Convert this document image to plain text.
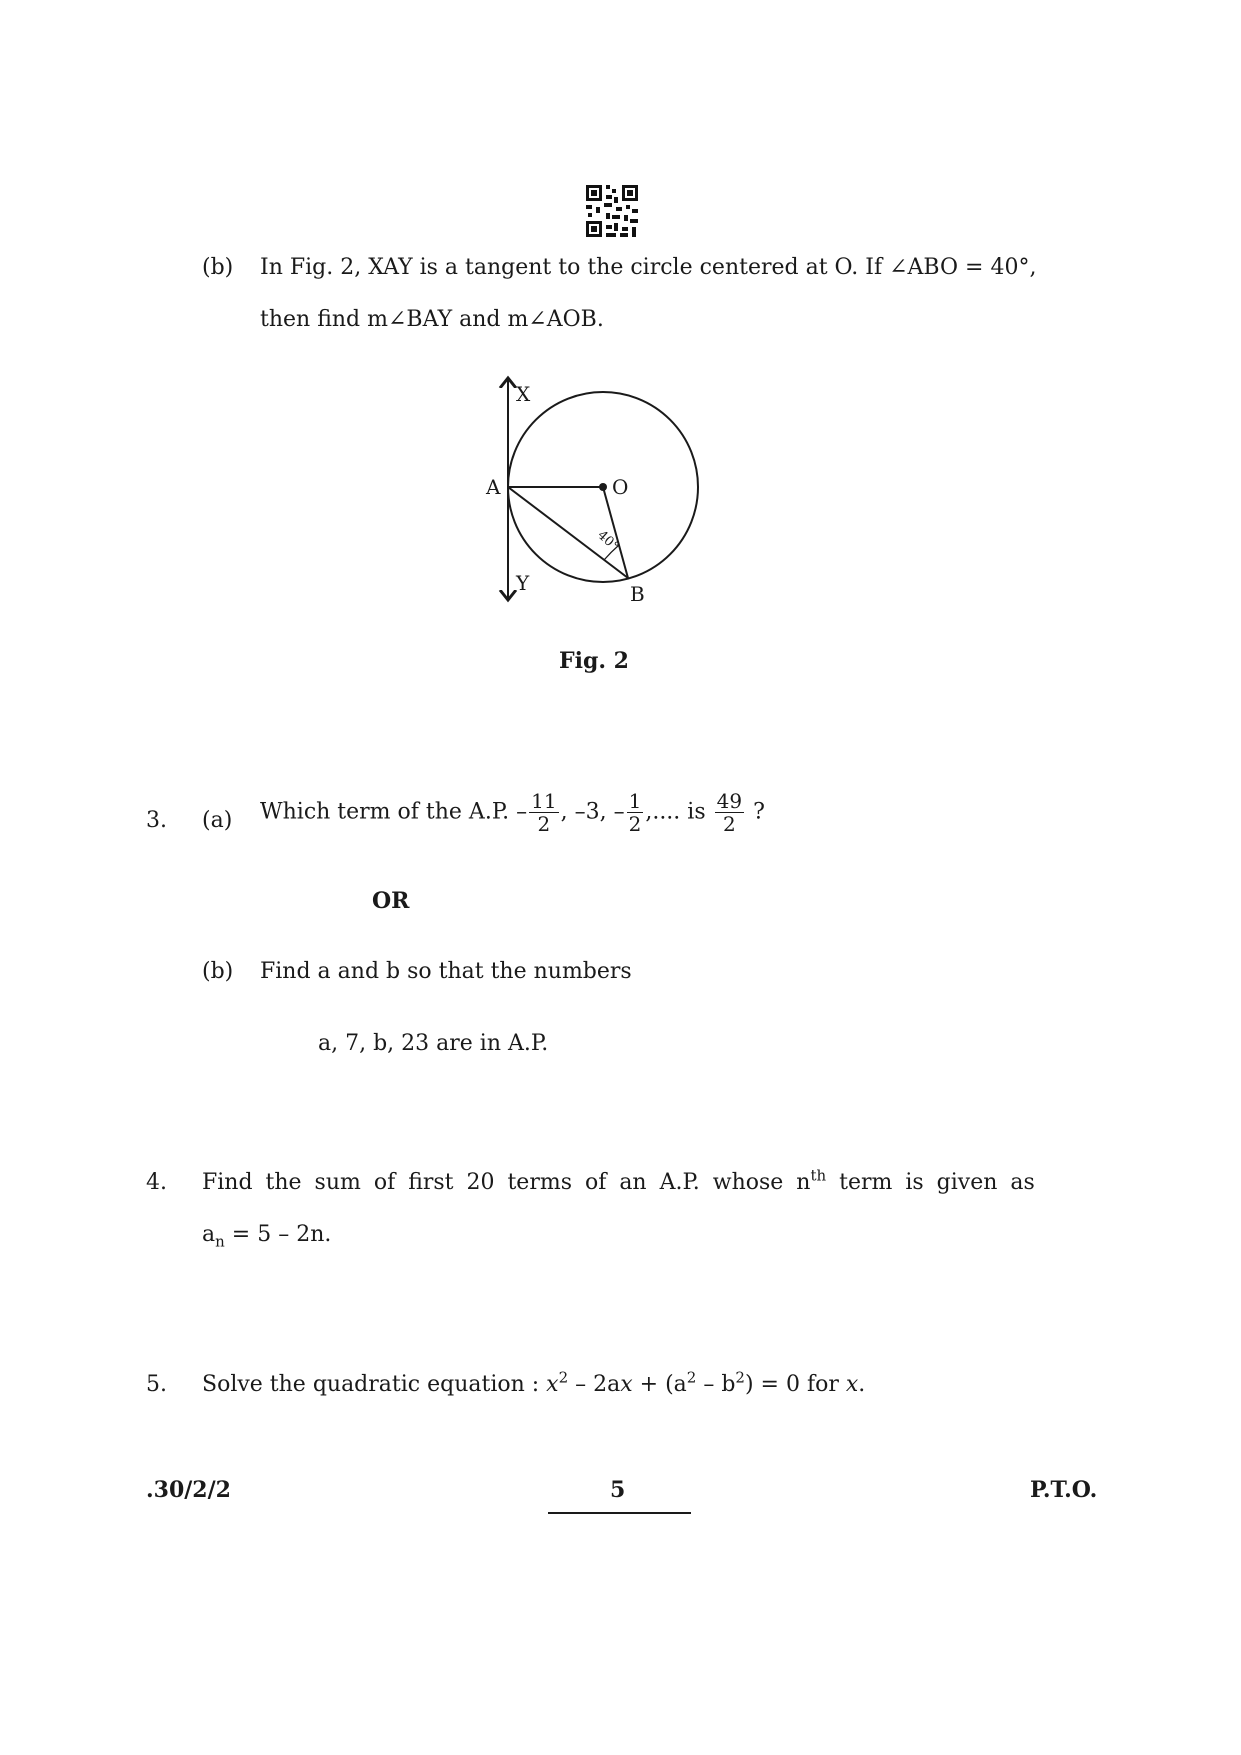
(b) In Fig. 2, XAY is a tangent to the circle centered at O. If ∠ABO = 40°,
then find m∠BAY and m∠AOB.
X
A	O
Y	B
40°
Fig. 2
3. (a) Which term of the A.P. – $\frac{11}{2}$ , –3, – $\frac{1}{2}$ ,.... is $\frac{49}{2}$ ?
OR
(b) Find a and b so that the numbers
a, 7, b, 23 are in A.P.
4. Find the sum of first 20 terms of an A.P. whose $n^{th}$ term is given as
$a_n = 5 - 2n$.
5. Solve the quadratic equation : $x^2 - 2ax + (a^2 - b^2) = 0$ for x.
.30/2/2	5	P.T.O.
